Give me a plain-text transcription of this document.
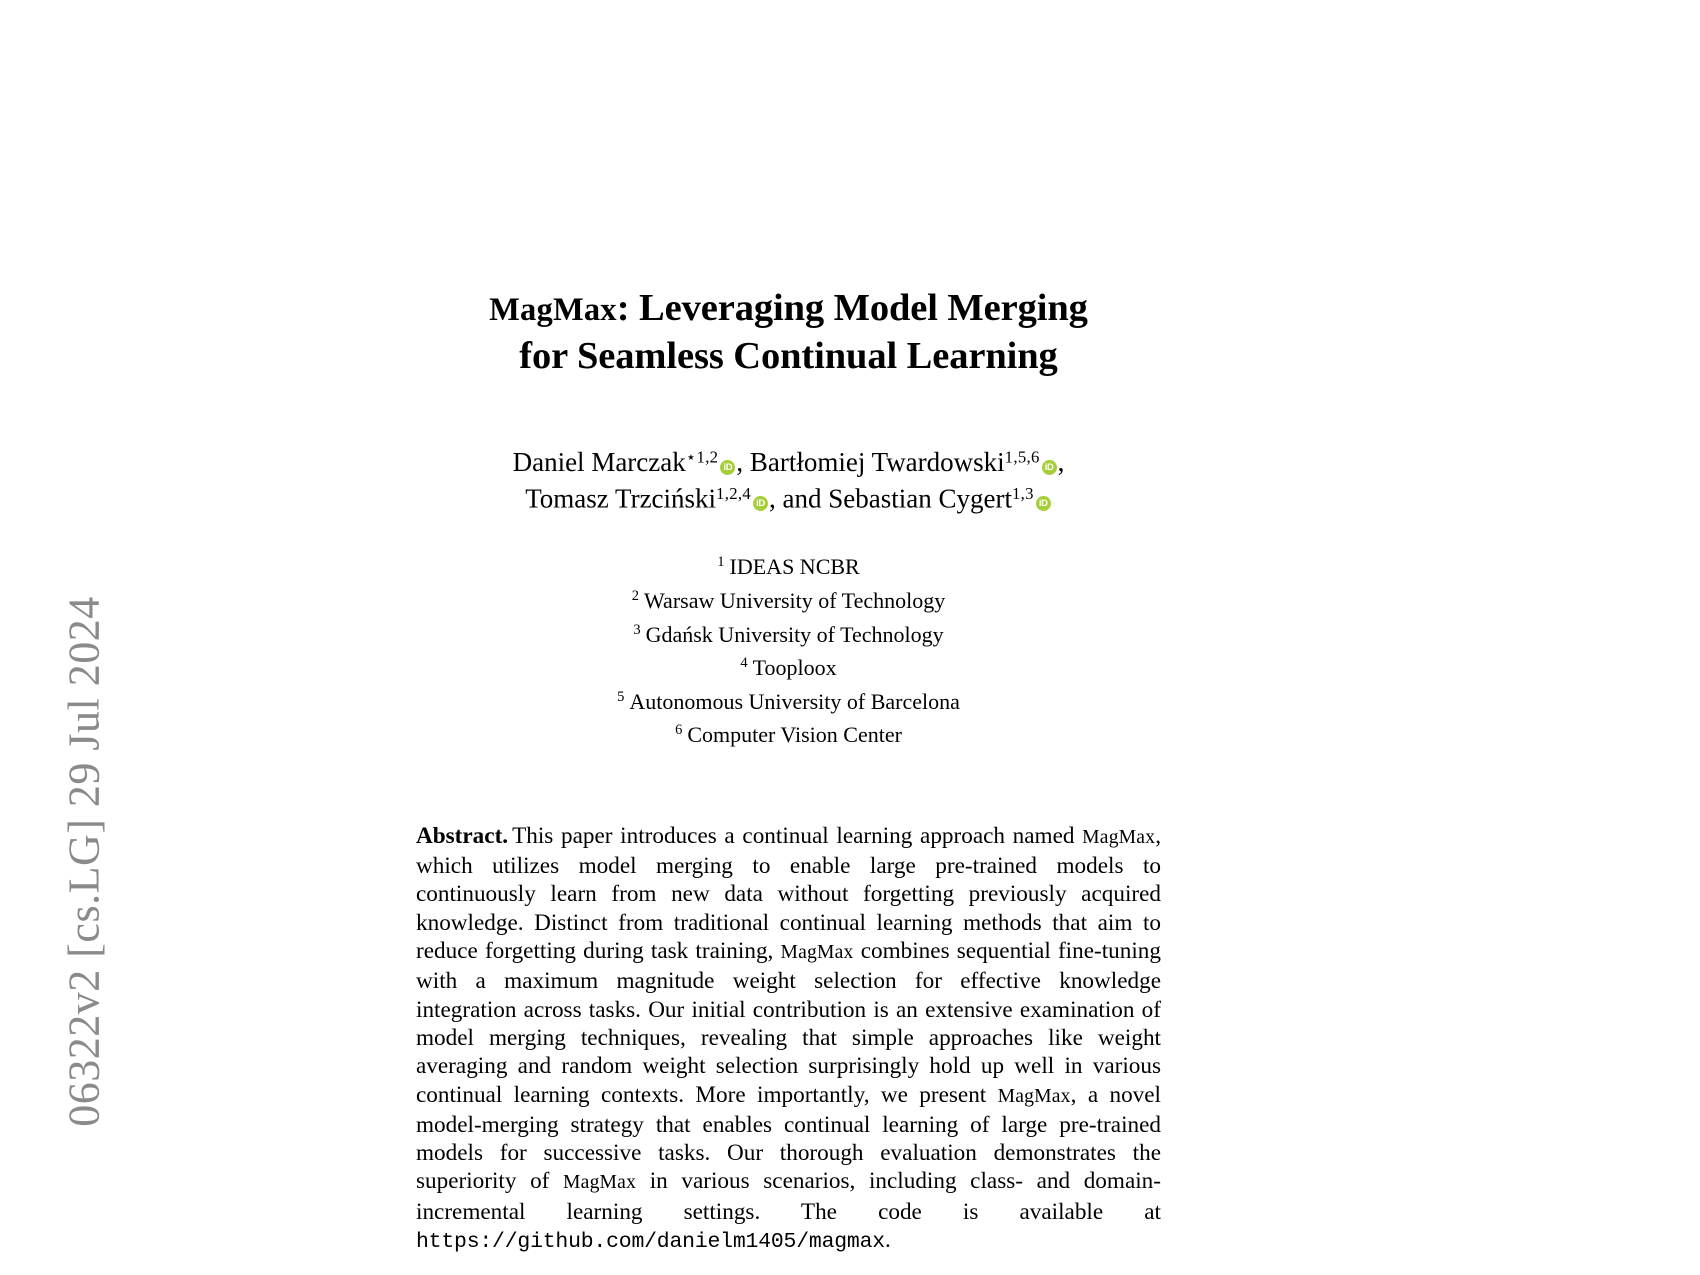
06322v2 [cs.LG] 29 Jul 2024
MagMax: Leveraging Model Merging
for Seamless Continual Learning
Daniel Marczak$^{⋆1,2}$iD , Bartłomiej Twardowski$^{1,5,6}$iD ,
Tomasz Trzciński$^{1,2,4}$iD , and Sebastian Cygert$^{1,3}$iD
$^1$ IDEAS NCBR
$^2$ Warsaw University of Technology
$^3$ Gdańsk University of Technology
$^4$ Tooploox
$^5$ Autonomous University of Barcelona
$^6$ Computer Vision Center
Abstract. This paper introduces a continual learning approach named MagMax, which utilizes model merging to enable large pre-trained models to continuously learn from new data without forgetting previously acquired knowledge. Distinct from traditional continual learning methods that aim to reduce forgetting during task training, MagMax combines sequential fine-tuning with a maximum magnitude weight selection for effective knowledge integration across tasks. Our initial contribution is an extensive examination of model merging techniques, revealing that simple approaches like weight averaging and random weight selection surprisingly hold up well in various continual learning contexts. More importantly, we present MagMax, a novel model-merging strategy that enables continual learning of large pre-trained models for successive tasks. Our thorough evaluation demonstrates the superiority of MagMax in various scenarios, including class- and domain-incremental learning settings. The code is available at https://github.com/danielm1405/magmax.
